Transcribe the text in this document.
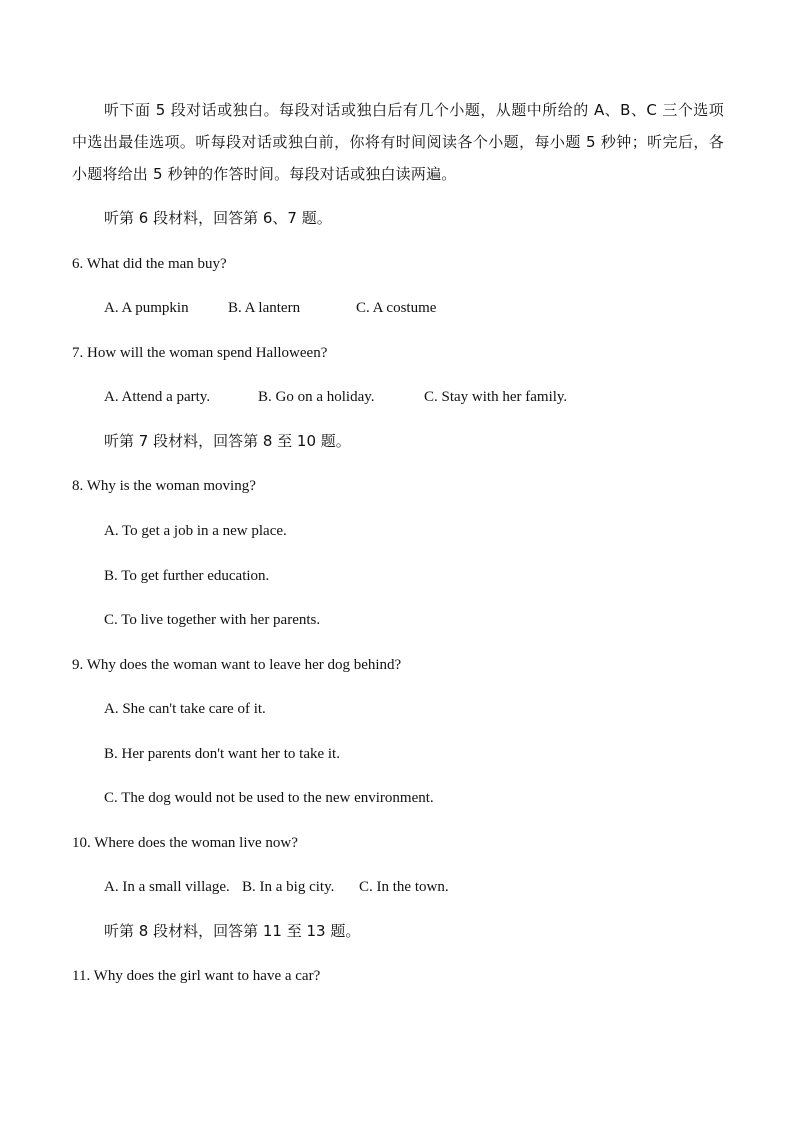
听下面 5 段对话或独白。每段对话或独白后有几个小题，从题中所给的 A、B、C 三个选项中选出最佳选项。听每段对话或独白前，你将有时间阅读各个小题，每小题 5 秒钟；听完后，各小题将给出 5 秒钟的作答时间。每段对话或独白读两遍。
听第 6 段材料，回答第 6、7 题。
6. What did the man buy?
A. A pumpkin	B. A lantern	C. A costume
7. How will the woman spend Halloween?
A. Attend a party.	B. Go on a holiday.	C. Stay with her family.
听第 7 段材料，回答第 8 至 10 题。
8. Why is the woman moving?
A. To get a job in a new place.
B. To get further education.
C. To live together with her parents.
9. Why does the woman want to leave her dog behind?
A. She can't take care of it.
B. Her parents don't want her to take it.
C. The dog would not be used to the new environment.
10. Where does the woman live now?
A. In a small village. B. In a big city. C. In the town.
听第 8 段材料，回答第 11 至 13 题。
11. Why does the girl want to have a car?
